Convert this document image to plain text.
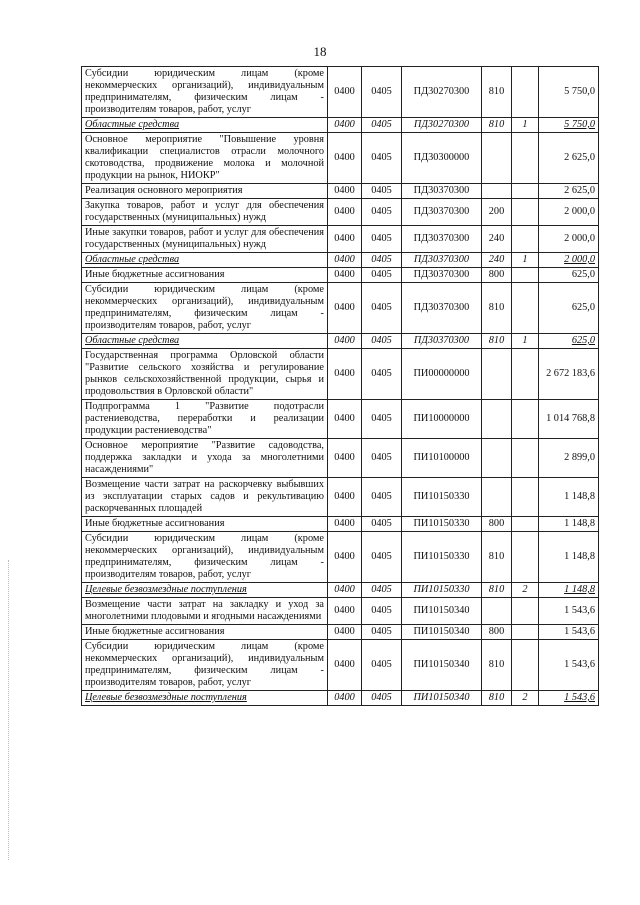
18
Субсидии юридическим лицам (кроме некоммерческих организаций), индивидуальным предпринимателям, физическим лицам - производителям товаров, работ, услуг	0400	0405	ПД30270300	810		5 750,0
Областные средства	0400	0405	ПД30270300	810	1	5 750,0
Основное мероприятие "Повышение уровня квалификации специалистов отрасли молочного скотоводства, продвижение молока и молочной продукции на рынок, НИОКР"	0400	0405	ПД30300000			2 625,0
Реализация основного мероприятия	0400	0405	ПД30370300			2 625,0
Закупка товаров, работ и услуг для обеспечения государственных (муниципальных) нужд	0400	0405	ПД30370300	200		2 000,0
Иные закупки товаров, работ и услуг для обеспечения государственных (муниципальных) нужд	0400	0405	ПД30370300	240		2 000,0
Областные средства	0400	0405	ПД30370300	240	1	2 000,0
Иные бюджетные ассигнования	0400	0405	ПД30370300	800		625,0
Субсидии юридическим лицам (кроме некоммерческих организаций), индивидуальным предпринимателям, физическим лицам - производителям товаров, работ, услуг	0400	0405	ПД30370300	810		625,0
Областные средства	0400	0405	ПД30370300	810	1	625,0
Государственная программа Орловской области "Развитие сельского хозяйства и регулирование рынков сельскохозяйственной продукции, сырья и продовольствия в Орловской области"	0400	0405	ПИ00000000			2 672 183,6
Подпрограмма 1 "Развитие подотрасли растениеводства, переработки и реализации продукции растениеводства"	0400	0405	ПИ10000000			1 014 768,8
Основное мероприятие "Развитие садоводства, поддержка закладки и ухода за многолетними насаждениями"	0400	0405	ПИ10100000			2 899,0
Возмещение части затрат на раскорчевку выбывших из эксплуатации старых садов и рекультивацию раскорчеванных площадей	0400	0405	ПИ10150330			1 148,8
Иные бюджетные ассигнования	0400	0405	ПИ10150330	800		1 148,8
Субсидии юридическим лицам (кроме некоммерческих организаций), индивидуальным предпринимателям, физическим лицам - производителям товаров, работ, услуг	0400	0405	ПИ10150330	810		1 148,8
Целевые безвозмездные поступления	0400	0405	ПИ10150330	810	2	1 148,8
Возмещение части затрат на закладку и уход за многолетними плодовыми и ягодными насаждениями	0400	0405	ПИ10150340			1 543,6
Иные бюджетные ассигнования	0400	0405	ПИ10150340	800		1 543,6
Субсидии юридическим лицам (кроме некоммерческих организаций), индивидуальным предпринимателям, физическим лицам - производителям товаров, работ, услуг	0400	0405	ПИ10150340	810		1 543,6
Целевые безвозмездные поступления	0400	0405	ПИ10150340	810	2	1 543,6
